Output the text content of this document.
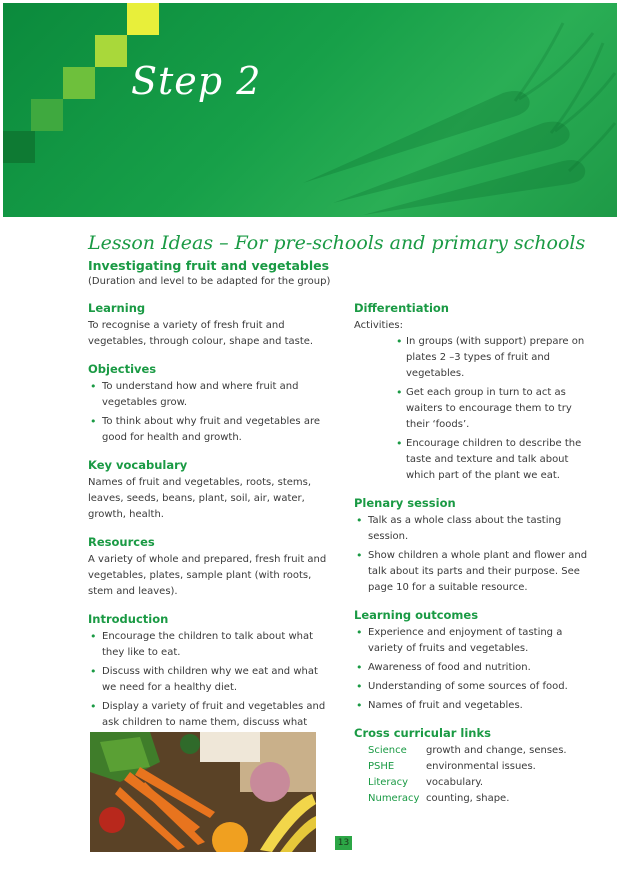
Step 2
Lesson Ideas – For pre-schools and primary schools
Investigating fruit and vegetables
(Duration and level to be adapted for the group)
Learning
To recognise a variety of fresh fruit and vegetables, through colour, shape and taste.
Objectives
• To understand how and where fruit and vegetables grow.
• To think about why fruit and vegetables are good for health and growth.
Key vocabulary
Names of fruit and vegetables, roots, stems, leaves, seeds, beans, plant, soil, air, water, growth, health.
Resources
A variety of whole and prepared, fresh fruit and vegetables, plates, sample plant (with roots, stem and leaves).
Introduction
• Encourage the children to talk about what they like to eat.
• Discuss with children why we eat and what we need for a healthy diet.
• Display a variety of fruit and vegetables and ask children to name them, discuss what
Differentiation
Activities:
• In groups (with support) prepare on plates 2 –3 types of fruit and vegetables.
• Get each group in turn to act as waiters to encourage them to try their ‘foods’.
• Encourage children to describe the taste and texture and talk about which part of the plant we eat.
Plenary session
• Talk as a whole class about the tasting session.
• Show children a whole plant and flower and talk about its parts and their purpose. See page 10 for a suitable resource.
Learning outcomes
• Experience and enjoyment of tasting a variety of fruits and vegetables.
• Awareness of food and nutrition.
• Understanding of some sources of food.
• Names of fruit and vegetables.
Cross curricular links
Science	growth and change, senses.
PSHE	environmental issues.
Literacy	vocabulary.
Numeracy	counting, shape.
13
